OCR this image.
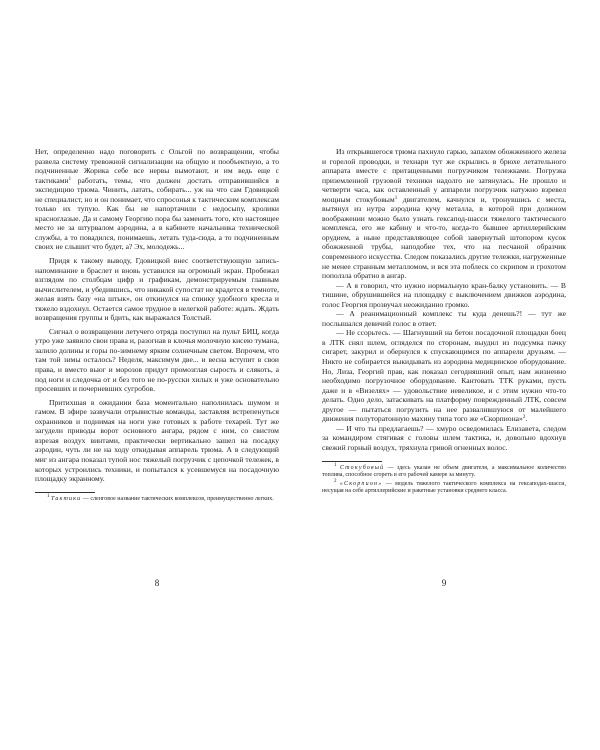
Нет, определенно надо поговорить с Ольгой по возвращении, чтобы развела систему тревожной сигнализации на общую и пообъектную, а то подчиненные Жорика себе все нервы вымотают, и им ведь еще с тактиками$^1$ работать, темы, что должен достать отправившийся в экспедицию трюма. Чинить, латать, собирать... уж на что сам Гдовицкой не специалист, но и он понимает, что спросонья к тактическим комплексам только их тупую. Как бы не напортачили с недосыпу, кролики красноглазые. Да и самому Георгию пора бы заменить того, кто настоящее место не за штурвалом аэродина, а в кабинете начальника технической службы, а то повадился, понимаешь, летать туда-сюда, а то подчиненным своих не слышит что будет, а? Эх, молодежь...

Придя к такому выводу, Гдовицкой внес соответствующую запись-напоминание в браслет и вновь уставился на огромный экран. Пробежал взглядом по столбцам цифр и графикам, демонстрируемым главным вычислителем, и убедившись, что никакой супостат не крадется в темноте, желая взять базу «на штык», он откинулся на спинку удобного кресла и тяжело вздохнул. Остается самое трудное в нелегкой работе: ждать. Ждать возвращения группы и бдить, как выражался Толстый.

Сигнал о возвращении летучего отряда поступил на пульт БИЦ, когда утро уже заявило свои права и, разогнав в клочья молочную кисею тумана, залило долины и горы по-зимнему ярким солнечным светом. Впрочем, что там той зимы осталось? Неделя, максимум две... и весна вступит в свои права, и вместо вьюг и морозов придут промозглая сырость и слякоть, а под ноги и следочка от и без того не по-русски хилых и уже основательно просевших и почерневших сугробов.

Притихшая в ожидании база моментально наполнилась шумом и гамом. В эфире зазвучали отрывистые команды, заставляя встрепенуться охранников и поднимая на ноги уже готовых к работе техарей. Тут же загудели приводы ворот основного ангара, рядом с ним, со свистом взрезая воздух винтами, практически вертикально зашел на посадку аэродин, чуть ли не на ходу откидывая аппарель трюма. А в следующий миг из ангара показал тупой нос тяжелый погрузчик с цепочкой тележек, в которых устроились техники, и попытался к усевшемуся на посадочную площадку экранному.

$^1$ Тактики — сленговое название тактических комплексов, преимущественно легких.

8

Из открывшегося трюма пахнуло гарью, запахом обожженного железа и горелой проводки, и технари тут же скрылись в брюхе летательного аппарата вместе с притащенными погрузчиком тележками. Погрузка приземленной грузовой техники надолго не затянулась. Не прошло и четверти часа, как оставленный у аппарели погрузчик натужно взревел мощным стокубовым$^1$ двигателем, качнулся и, тронувшись с места, вытянул из нутра аэродина кучу металла, в которой при должном воображении можно было узнать гексапод-шасси тяжелого тактического комплекса, его же кабину и что-то, когда-то бывшее артиллерийским орудием, а ныне представляющее собой завернутый штопором кусок обожженной трубы, наподобие тех, что на песчаной образчик современного искусства. Следом показались другие тележки, нагруженные не менее странным металломом, и вся эта поблеск со скрипом и грохотом поползла обратно в ангар.

— А я говорил, что нужно нормальную кран-балку установить. — В тишине, обрушившейся на площадку с выключением движков аэродина, голос Георгия прозвучал неожиданно громко.

— А реанимационный комплекс ты куда денешь?! — тут же послышался девичий голос в ответ.

— Не ссорьтесь. — Шагнувший на бетон посадочной площадки боец в ЛТК снял шлем, огляделся по сторонам, выудил из подсумка пачку сигарет, закурил и обернулся к спускающимся по аппарели друзьям. — Никто не собирается выкидывать из аэродина медицинское оборудование. Но, Лиза, Георгий прав, как показал сегодняшний опыт, нам жизненно необходимо погрузочное оборудование. Кантовать ТТК руками, пусть даже и в «Визелях» — удовольствие невеликое, и с этим нужно что-то делать. Одно дело, затаскивать на платформу поврежденный ЛТК, совсем другое — пытаться погрузить на нее развалившуюся от малейшего движения полуторатонную махину типа того же «Скорпиона»$^2$.

— И что ты предлагаешь? — хмуро осведомилась Елизавета, следом за командиром стягивая с головы шлем тактика, и, довольно вдохнув свежий горный воздух, тряхнула гривой огненных волос.

$^1$ Стокубовый — здесь указан не объем двигателя, а максимальное количество топлива, способное сгореть в его рабочей камере за минуту.

$^2$ «Скорпион» — модель тяжелого тактического комплекса на гексаподах-шасси, несущая на себе артиллерийские и ракетные установки среднего класса.

9
